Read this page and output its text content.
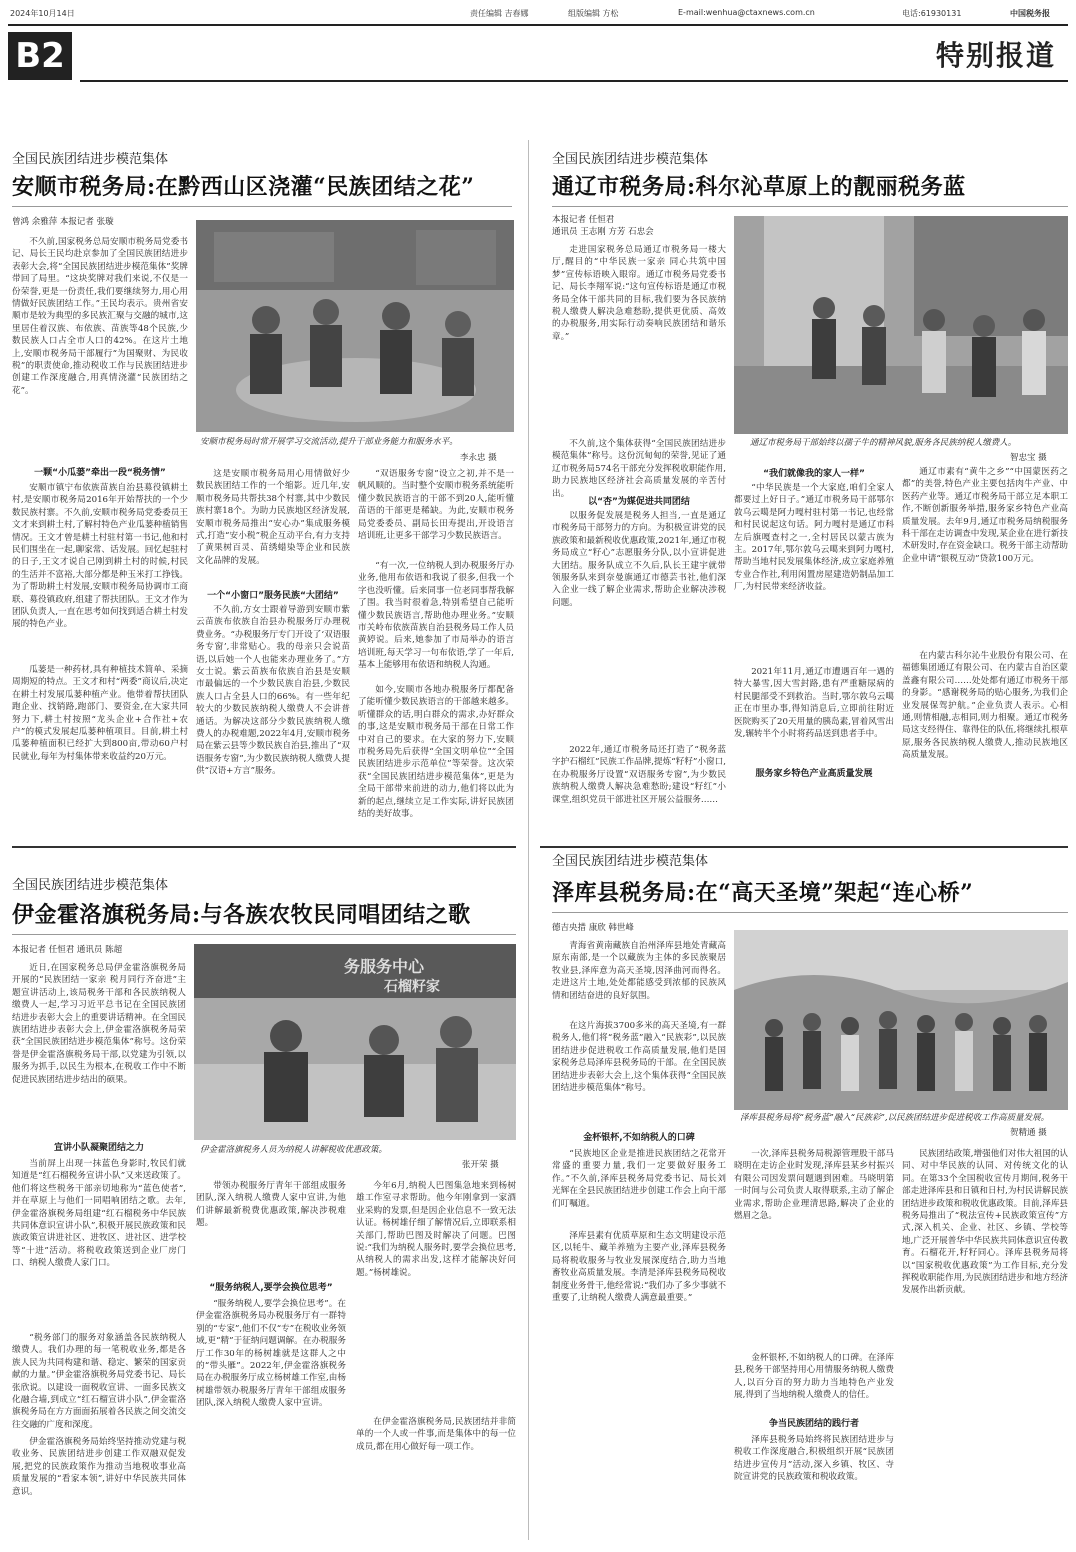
2024年10月14日	责任编辑 吉春娜	组版编辑 方松	E-mail:wenhua@ctaxnews.com.cn	电话:61930131	中国税务报
B2	特别报道
全国民族团结进步模范集体
安顺市税务局:在黔西山区浇灌“民族团结之花”
曾鸿 余雅萍 本报记者 张璇
安顺市税务局时常开展学习交流活动,提升干部业务能力和服务水平。
李永忠 摄
不久前,国家税务总局安顺市税务局党委书记、局长王民均赴京参加了全国民族团结进步表彰大会,将“全国民族团结进步模范集体”奖牌带回了局里。“这块奖牌对我们来说,不仅是一份荣誉,更是一份责任,我们要继续努力,用心用情做好民族团结工作。”王民均表示。贵州省安顺市是较为典型的多民族汇聚与交融的城市,这里居住着汉族、布依族、苗族等48个民族,少数民族人口占全市人口的42%。在这片土地上,安顺市税务局干部履行“为国聚财、为民收税”的职责使命,推动税收工作与民族团结进步创建工作深度融合,用真情浇灌“民族团结之花”。
一颗“小瓜蒌”牵出一段“税务情”
安顺市镇宁布依族苗族自治县募役镇耕土村,是安顺市税务局2016年开始帮扶的一个少数民族村寨。不久前,安顺市税务局党委委员王文才来到耕土村,了解村特色产业瓜蒌种植销售情况。王文才曾是耕土村驻村第一书记,他和村民们围坐在一起,聊家常、话发展。回忆起驻村的日子,王文才说自己刚到耕土村的时候,村民的生活并不富裕,大部分都是种玉米打工挣钱。为了帮助耕土村发展,安顺市税务局协调市工商联、募役镇政府,组建了帮扶团队。王文才作为团队负责人,一直在思考如何找到适合耕土村发展的特色产业。
瓜蒌是一种药材,具有种植技术简单、采摘周期短的特点。王文才和村“两委”商议后,决定在耕土村发展瓜蒌种植产业。他带着帮扶团队跑企业、找销路,跑部门、要资金,在大家共同努力下,耕土村按照“龙头企业+合作社+农户”的模式发展起瓜蒌种植项目。目前,耕土村瓜蒌种植面积已经扩大到800亩,带动60户村民就业,每年为村集体带来收益约20万元。
这是安顺市税务局用心用情做好少数民族团结工作的一个缩影。近几年,安顺市税务局共帮扶38个村寨,其中少数民族村寨18个。为助力民族地区经济发展,安顺市税务局推出“安心办”集成服务模式,打造“安小税”税企互动平台,有力支持了黄果树百灵、苗绣蜡染等企业和民族文化品牌的发展。
一个“小窗口”服务民族“大团结”
不久前,方女士跟着导游到安顺市紫云苗族布依族自治县办税服务厅办理税费业务。“办税服务厅专门开设了‘双语服务专窗’,非常贴心。我的母亲只会说苗语,以后她一个人也能来办理业务了。”方女士说。紫云苗族布依族自治县是安顺市最偏远的一个少数民族自治县,少数民族人口占全县人口的66%。有一些年纪较大的少数民族纳税人缴费人不会讲普通话。为解决这部分少数民族纳税人缴费人的办税难题,2022年4月,安顺市税务局在紫云县等少数民族自治县,推出了“双语服务专窗”,为少数民族纳税人缴费人提供“汉语+方言”服务。
“双语服务专窗”设立之初,并不是一帆风顺的。当时整个安顺市税务系统能听懂少数民族语言的干部不到20人,能听懂苗语的干部更是稀缺。为此,安顺市税务局党委委员、副局长田寿提出,开设语言培训班,让更多干部学习少数民族语言。
“有一次,一位纳税人到办税服务厅办业务,他用布依语和我说了很多,但我一个字也没听懂。后来同事一位老同事帮我解了围。我当时很着急,特别希望自己能听懂少数民族语言,帮助他办理业务。”安顺市关岭布依族苗族自治县税务局工作人员黄婷说。后来,她参加了市局举办的语言培训班,每天学习一句布依语,学了一年后,基本上能够用布依语和纳税人沟通。
如今,安顺市各地办税服务厅都配备了能听懂少数民族语言的干部越来越多。听懂群众的话,明白群众的需求,办好群众的事,这是安顺市税务局干部在日常工作中对自己的要求。在大家的努力下,安顺市税务局先后获得“全国文明单位”“全国民族团结进步示范单位”等荣誉。这次荣获“全国民族团结进步模范集体”,更是为全局干部带来前进的动力,他们将以此为新的起点,继续立足工作实际,讲好民族团结的美好故事。
全国民族团结进步模范集体
通辽市税务局:科尔沁草原上的靓丽税务蓝
本报记者 任恒君
通讯员 王志刚 方芳 石忠会
通辽市税务局干部始终以孺子牛的精神风貌,服务各民族纳税人缴费人。
智忠宝 摄
走进国家税务总局通辽市税务局一楼大厅,醒目的“中华民族一家亲 同心共筑中国梦”宣传标语映入眼帘。通辽市税务局党委书记、局长李翔军说:“这句宣传标语是通辽市税务局全体干部共同的目标,我们要为各民族纳税人缴费人解决急难愁盼,提供更优质、高效的办税服务,用实际行动奏响民族团结和谐乐章。”
不久前,这个集体获得“全国民族团结进步模范集体”称号。这份沉甸甸的荣誉,见证了通辽市税务局574名干部充分发挥税收职能作用,助力民族地区经济社会高质量发展的辛苦付出。
以“杏”为媒促进共同团结
以服务促发展是税务人担当,一直是通辽市税务局干部努力的方向。为积极宣讲党的民族政策和最新税收优惠政策,2021年,通辽市税务局成立“籽心”志愿服务分队,以小宣讲促进大团结。服务队成立不久后,队长王建宇就带领服务队来到奈曼旗通辽市德芸书社,他们深入企业一线了解企业需求,帮助企业解决涉税问题。
2022年,通辽市税务局还打造了“税务蓝字护石榴红”民族工作品牌,提炼“籽籽”小窗口,在办税服务厅设置“双语服务专窗”,为少数民族纳税人缴费人解决急难愁盼;建设“籽红”小课堂,组织党员干部进社区开展公益服务……
“我们就像我的家人一样”
“中华民族是一个大家庭,咱们全家人都要过上好日子。”通辽市税务局干部鄂尔敦乌云噶是阿力嘎村驻村第一书记,也经常和村民说起这句话。阿力嘎村是通辽市科左后旗嘎查村之一,全村居民以蒙古族为主。2017年,鄂尔敦乌云噶来到阿力嘎村,帮助当地村民发展集体经济,成立家庭养殖专业合作社,利用闲置房屋建造奶制品加工厂,为村民带来经济收益。
2021年11月,通辽市遭遇百年一遇的特大暴雪,因大雪封路,患有严重糖尿病的村民腿部受不到救治。当时,鄂尔敦乌云噶正在市里办事,得知消息后,立即前往附近医院购买了20天用量的胰岛素,冒着风雪出发,辗转半个小时将药品送到患者手中。
服务家乡特色产业高质量发展
通辽市素有“黄牛之乡”“中国蒙医药之都”的美誉,特色产业主要包括肉牛产业、中医药产业等。通辽市税务局干部立足本职工作,不断创新服务举措,服务家乡特色产业高质量发展。去年9月,通辽市税务局纳税服务科干部在走访调查中发现,某企业在进行新技术研发时,存在资金缺口。税务干部主动帮助企业申请“银税互动”贷款100万元。
在内蒙古科尔沁牛业股份有限公司、在福德集团通辽有限公司、在内蒙古自治区蒙盖鑫有限公司……处处都有通辽市税务干部的身影。“感谢税务局的贴心服务,为我们企业发展保驾护航。”企业负责人表示。心相通,则情相融,志相同,则力相聚。通辽市税务局这支经得住、靠得住的队伍,将继续扎根草原,服务各民族纳税人缴费人,推动民族地区高质量发展。
全国民族团结进步模范集体
伊金霍洛旗税务局:与各族农牧民同唱团结之歌
本报记者 任恒君 通讯员 陈超
务服务中心
石榴籽家
伊金霍洛旗税务人员为纳税人讲解税收优惠政策。
张开荣 摄
近日,在国家税务总局伊金霍洛旗税务局开展的“民族团结一家亲 税月同行齐奋进”主题宣讲活动上,该局税务干部和各民族纳税人缴费人一起,学习习近平总书记在全国民族团结进步表彰大会上的重要讲话精神。在全国民族团结进步表彰大会上,伊金霍洛旗税务局荣获“全国民族团结进步模范集体”称号。这份荣誉是伊金霍洛旗税务局干部,以党建为引领,以服务为抓手,以民生为根本,在税收工作中不断促进民族团结进步结出的硕果。
宣讲小队凝聚团结之力
当前屏上出现一抹蓝色身影时,牧民们就知道是“红石榴税务宣讲小队”又来送政策了。他们将这些税务干部亲切地称为“蓝色使者”,并在草原上与他们一同唱响团结之歌。去年,伊金霍洛旗税务局组建“红石榴税务中华民族共同体意识宣讲小队”,积极开展民族政策和民族政策宣讲进社区、进牧区、进社区、进学校等“十进”活动。将税收政策送到企业厂房门口、纳税人缴费人家门口。
“税务部门的服务对象涵盖各民族纳税人缴费人。我们办理的每一笔税收业务,都是各族人民为共同构建和谐、稳定、繁荣的国家贡献的力量。”伊金霍洛旗税务局党委书记、局长张欣说。以建设一面税收宣讲、一面多民族文化融合墙,到成立“红石榴宣讲小队”,伊金霍洛旗税务局在方方面面拓展着各民族之间交流交往交融的广度和深度。
伊金霍洛旗税务局始终坚持推动党建与税收业务、民族团结进步创建工作双融双促发展,把党的民族政策作为推动当地税收事业高质量发展的“看家本领”,讲好中华民族共同体意识。
带领办税服务厅青年干部组成服务团队,深入纳税人缴费人家中宣讲,为他们讲解最新税费优惠政策,解决涉税难题。
“服务纳税人,要学会换位思考”
“服务纳税人,要学会换位思考”。在伊金霍洛旗税务局办税服务厅有一群特别的“专家”,他们不仅“专”在税收业务领域,更“精”于征纳问题调解。在办税服务厅工作30年的杨树雄就是这群人之中的“带头雁”。2022年,伊金霍洛旗税务局在办税服务厅成立杨树雄工作室,由杨树雄带领办税服务厅青年干部组成服务团队,深入纳税人缴费人家中宣讲。
今年6月,纳税人巴图集急地来到杨树雄工作室寻求帮助。他今年刚拿到一家酒业采购的发票,但是因企业信息不一致无法认证。杨树雄仔细了解情况后,立即联系相关部门,帮助巴图及时解决了问题。巴图说:“我们为纳税人服务时,要学会换位思考,从纳税人的需求出发,这样才能解决好问题。”杨树雄说。
在伊金霍洛旗税务局,民族团结并非简单的一个人或一件事,而是集体中的每一位成员,都在用心做好每一项工作。
全国民族团结进步模范集体
泽库县税务局:在“高天圣境”架起“连心桥”
德吉央措 康欣 韩世峰
泽库县税务局将“税务蓝”融入“民族彩”,以民族团结进步促进税收工作高质量发展。
贺精通 摄
青海省黄南藏族自治州泽库县地处青藏高原东南部,是一个以藏族为主体的多民族聚居牧业县,泽库意为高天圣境,因泽曲河而得名。走进这片土地,处处都能感受到浓郁的民族风情和团结奋进的良好氛围。
在这片海拔3700多米的高天圣境,有一群税务人,他们将“税务蓝”融入“民族彩”,以民族团结进步促进税收工作高质量发展,他们是国家税务总局泽库县税务局的干部。在全国民族团结进步表彰大会上,这个集体获得“全国民族团结进步模范集体”称号。
金杯银杯,不如纳税人的口碑
“民族地区企业是推进民族团结之花常开常盛的重要力量,我们一定要做好服务工作。”不久前,泽库县税务局党委书记、局长刘光辉在全县民族团结进步创建工作会上向干部们叮嘱道。
泽库县素有优质草原和生态文明建设示范区,以牦牛、藏羊养殖为主要产业,泽库县税务局将税收服务与牧业发展深度结合,助力当地畜牧业高质量发展。李清是泽库县税务局税收制度业务骨干,他经常说:“我们办了多少事就不重要了,让纳税人缴费人满意最重要。”
一次,泽库县税务局税源管理股干部马晓明在走访企业时发现,泽库县某乡村振兴有限公司因发票问题遇到困难。马晓明第一时间与公司负责人取得联系,主动了解企业需求,帮助企业理清思路,解决了企业的燃眉之急。
金杯银杯,不如纳税人的口碑。在泽库县,税务干部坚持用心用情服务纳税人缴费人,以百分百的努力助力当地特色产业发展,得到了当地纳税人缴费人的信任。
争当民族团结的践行者
泽库县税务局始终将民族团结进步与税收工作深度融合,积极组织开展“民族团结进步宣传月”活动,深入乡镇、牧区、寺院宣讲党的民族政策和税收政策。
民族团结政策,增强他们对伟大祖国的认同、对中华民族的认同、对传统文化的认同。在第33个全国税收宣传月期间,税务干部走进泽库县和日镇和日村,为村民讲解民族团结进步政策和税收优惠政策。目前,泽库县税务局推出了“税法宣传+民族政策宣传”方式,深入机关、企业、社区、乡镇、学校等地,广泛开展普华中华民族共同体意识宣传教育。石榴花开,籽籽同心。泽库县税务局将以“国家税收优惠政策”为工作目标,充分发挥税收职能作用,为民族团结进步和地方经济发展作出新贡献。
